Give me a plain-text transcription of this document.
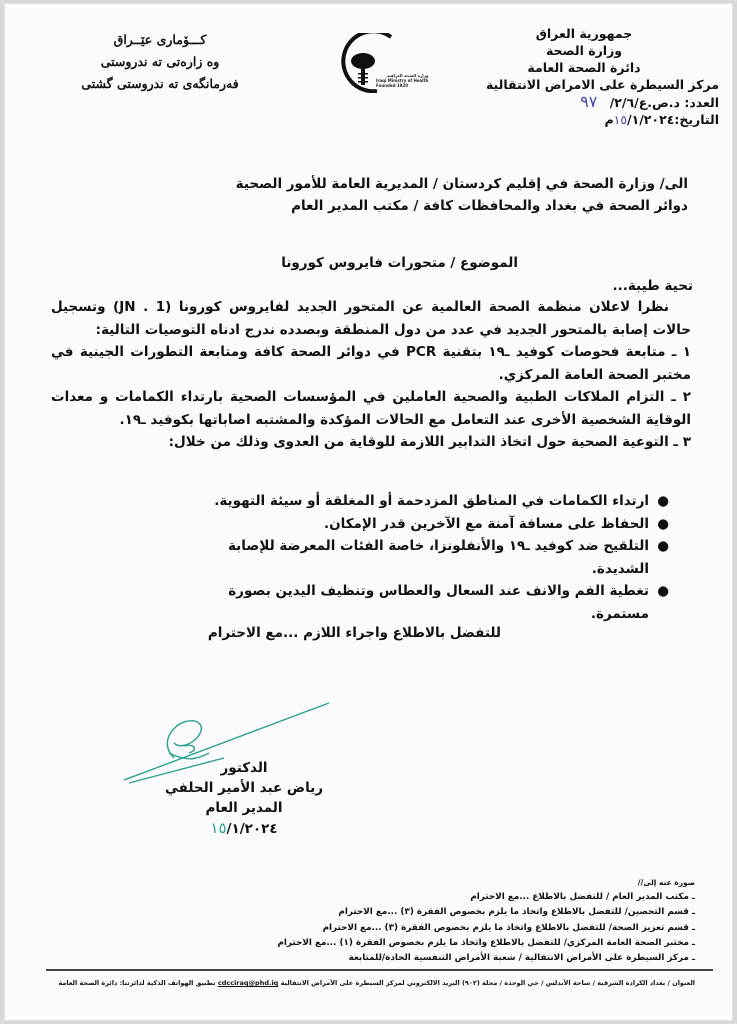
جمهورية العراق
وزارة الصحة
دائرة الصحة العامة
مركز السيطرة على الامراض الانتقالية
العدد: د.ص.ع/٢/٦/ ٩٧
التاريخ:١٥/١/٢٠٢٤م
وزارة الصحة العراقية
Iraqi Ministry of Health
Founded 1920
كـــۆمارى عێــراق
وه زارەتى تە ندروستى
فەرمانگەى تە ندروستى گشتى
الى/ وزارة الصحة في إقليم كردستان / المديرية العامة للأمور الصحية
دوائر الصحة في بغداد والمحافظات كافة / مكتب المدير العام
الموضوع / متحورات فايروس كورونا
تحية طيبة...

نظرا لاعلان منظمة الصحة العالمية عن المتحور الجديد لفايروس كورونا (JN . 1) وتسجيل حالات إصابة بالمتحور الجديد في عدد من دول المنطقة وبصدده ندرج ادناه التوصيات التالية:

١ ـ متابعة فحوصات كوفيد ـ١٩ بتقنية PCR في دوائر الصحة كافة ومتابعة التطورات الجينية في مختبر الصحة العامة المركزي.

٢ ـ التزام الملاكات الطبية والصحية العاملين في المؤسسات الصحية بارتداء الكمامات و معدات الوقاية الشخصية الأخرى عند التعامل مع الحالات المؤكدة والمشتبه اصاباتها بكوفيد ـ١٩.

٣ ـ التوعية الصحية حول اتخاذ التدابير اللازمة للوقاية من العدوى وذلك من خلال:

●
ارتداء الكمامات في المناطق المزدحمة أو المغلقة أو سيئة التهوية.
●
الحفاظ على مسافة آمنة مع الآخرين قدر الإمكان.
●
التلقيح ضد كوفيد ـ١٩ والأنفلونزا، خاصة الفئات المعرضة للإصابة الشديدة.
●
تغطية الفم والانف عند السعال والعطاس وتنظيف اليدين بصورة مستمرة.
للتفضل بالاطلاع واجراء اللازم ...مع الاحترام
الدكتور
رياض عبد الأمير الحلفي
المدير العام
١٥/١/٢٠٢٤
صورة عنه إلى//
ـ مكتب المدير العام / للتفضل بالاطلاع ...مع الاحترام
ـ قسم التحصين/ للتفضل بالاطلاع واتخاذ ما يلزم بخصوص الفقرة (٣) ...مع الاحترام
ـ قسم تعزيز الصحة/ للتفضل بالاطلاع واتخاذ ما يلزم بخصوص الفقرة (٣) ...مع الاحترام
ـ مختبر الصحة العامة المركزي/ للتفضل بالاطلاع واتخاذ ما يلزم بخصوص الفقرة (١) ...مع الاحترام
ـ مركز السيطرة على الأمراض الانتقالية / شعبة الأمراض التنفسية الحادة/للمتابعة
العنوان / بغداد الكرادة الشرقية / ساحة الأندلس / حي الوحدة / محلة (٩٠٢) البريد الالكتروني لمركز السيطرة على الأمراض الانتقالية cdcciraq@phd.iq تطبيق الهواتف الذكية لدائرتنا: دائرة الصحة العامة
